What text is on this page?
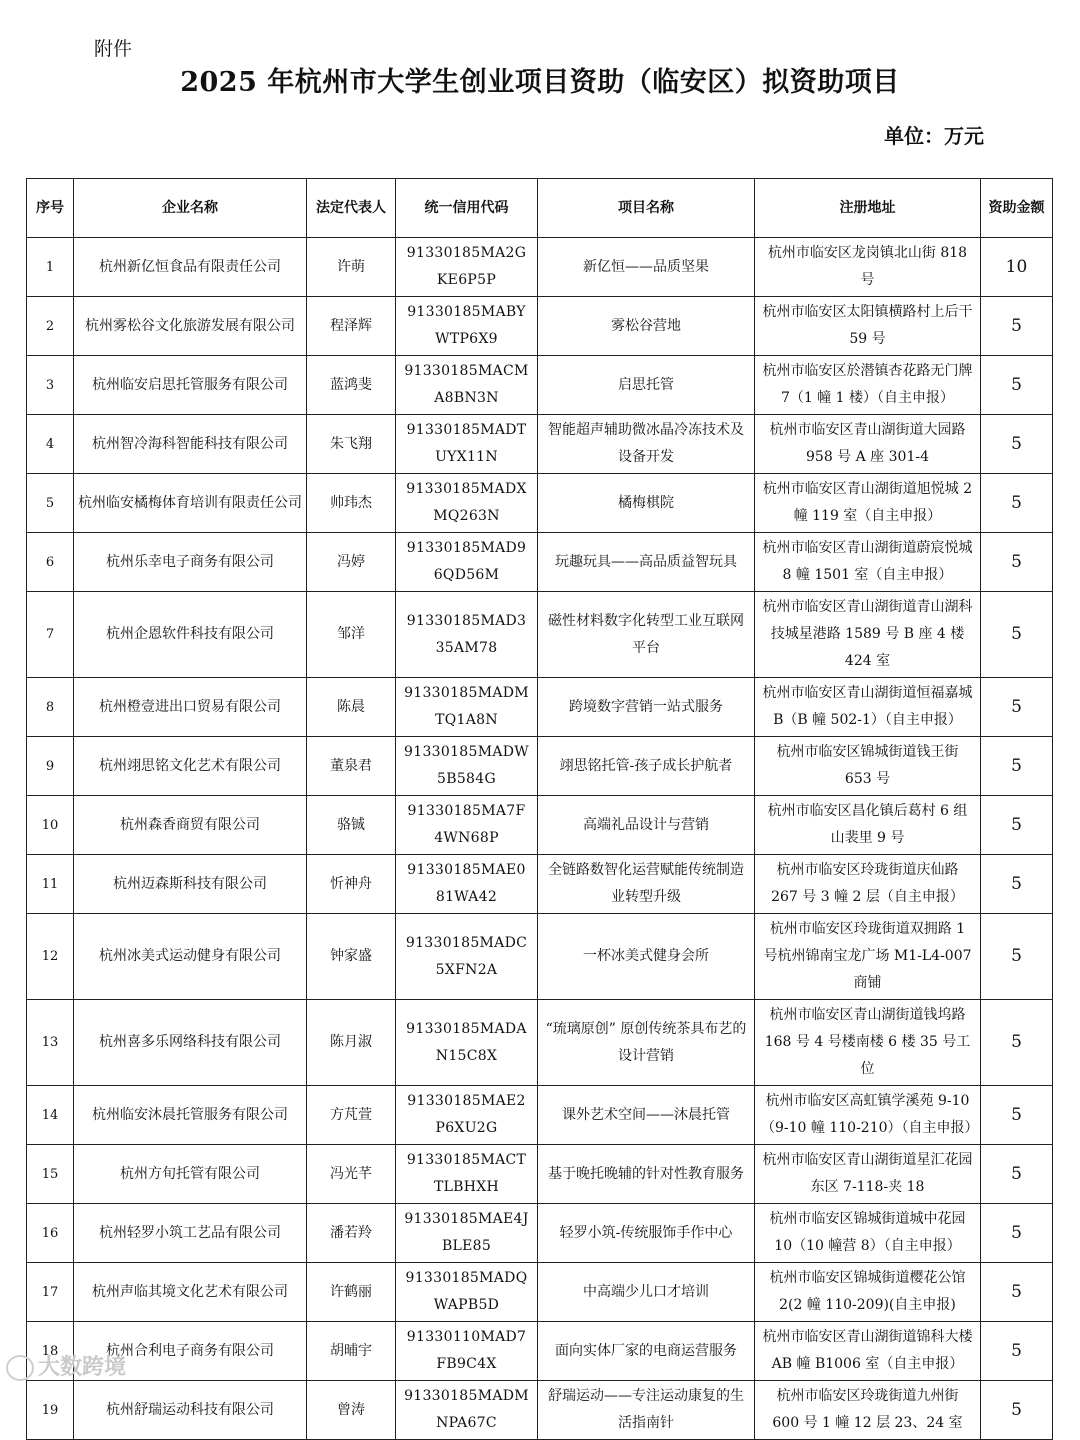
附件
2025 年杭州市大学生创业项目资助（临安区）拟资助项目
单位：万元
序号	企业名称	法定代表人	统一信用代码	项目名称	注册地址	资助金额
1	杭州新亿恒食品有限责任公司	许萌	91330185MA2GKE6P5P	新亿恒——品质坚果	杭州市临安区龙岗镇北山街 818 号	10
2	杭州雾松谷文化旅游发展有限公司	程泽辉	91330185MABYWTP6X9	雾松谷营地	杭州市临安区太阳镇横路村上后干 59 号	5
3	杭州临安启思托管服务有限公司	蓝鸿斐	91330185MACMA8BN3N	启思托管	杭州市临安区於潜镇杏花路无门牌 7（1 幢 1 楼）（自主申报）	5
4	杭州智冷海科智能科技有限公司	朱飞翔	91330185MADTUYX11N	智能超声辅助微冰晶冷冻技术及设备开发	杭州市临安区青山湖街道大园路 958 号 A 座 301-4	5
5	杭州临安橘梅体育培训有限责任公司	帅玮杰	91330185MADXMQ263N	橘梅棋院	杭州市临安区青山湖街道旭悦城 2 幢 119 室（自主申报）	5
6	杭州乐幸电子商务有限公司	冯婷	91330185MAD96QD56M	玩趣玩具——高品质益智玩具	杭州市临安区青山湖街道蔚宸悦城 8 幢 1501 室（自主申报）	5
7	杭州企恩软件科技有限公司	邹洋	91330185MAD335AM78	磁性材料数字化转型工业互联网平台	杭州市临安区青山湖街道青山湖科技城星港路 1589 号 B 座 4 楼 424 室	5
8	杭州橙壹进出口贸易有限公司	陈晨	91330185MADMTQ1A8N	跨境数字营销一站式服务	杭州市临安区青山湖街道恒福嘉城 B（B 幢 502-1）（自主申报）	5
9	杭州翊思铭文化艺术有限公司	董泉君	91330185MADW5B584G	翊思铭托管-孩子成长护航者	杭州市临安区锦城街道钱王街 653 号	5
10	杭州森香商贸有限公司	骆铖	91330185MA7F4WN68P	高端礼品设计与营销	杭州市临安区昌化镇后葛村 6 组山裴里 9 号	5
11	杭州迈森斯科技有限公司	忻神舟	91330185MAE081WA42	全链路数智化运营赋能传统制造业转型升级	杭州市临安区玲珑街道庆仙路 267 号 3 幢 2 层（自主申报）	5
12	杭州冰美式运动健身有限公司	钟家盛	91330185MADC5XFN2A	一杯冰美式健身会所	杭州市临安区玲珑街道双拥路 1 号杭州锦南宝龙广场 M1-L4-007 商铺	5
13	杭州喜多乐网络科技有限公司	陈月淑	91330185MADAN15C8X	“琉璃原创” 原创传统茶具布艺的设计营销	杭州市临安区青山湖街道钱坞路 168 号 4 号楼南楼 6 楼 35 号工位	5
14	杭州临安沐晨托管服务有限公司	方芃萱	91330185MAE2P6XU2G	课外艺术空间——沐晨托管	杭州市临安区高虹镇学溪苑 9-10（9-10 幢 110-210）（自主申报）	5
15	杭州方旬托管有限公司	冯光芊	91330185MACTTLBHXH	基于晚托晚辅的针对性教育服务	杭州市临安区青山湖街道星汇花园东区 7-118-夹 18	5
16	杭州轻罗小筑工艺品有限公司	潘若羚	91330185MAE4JBLE85	轻罗小筑-传统服饰手作中心	杭州市临安区锦城街道城中花园 10（10 幢营 8）（自主申报）	5
17	杭州声临其境文化艺术有限公司	许鹤丽	91330185MADQWAPB5D	中高端少儿口才培训	杭州市临安区锦城街道樱花公馆 2(2 幢 110-209)(自主申报)	5
18	杭州合利电子商务有限公司	胡晡宇	91330110MAD7FB9C4X	面向实体厂家的电商运营服务	杭州市临安区青山湖街道锦科大楼 AB 幢 B1006 室（自主申报）	5
19	杭州舒瑞运动科技有限公司	曾涛	91330185MADMNPA67C	舒瑞运动——专注运动康复的生活指南针	杭州市临安区玲珑街道九州街 600 号 1 幢 12 层 23、24 室	5
大数跨境
